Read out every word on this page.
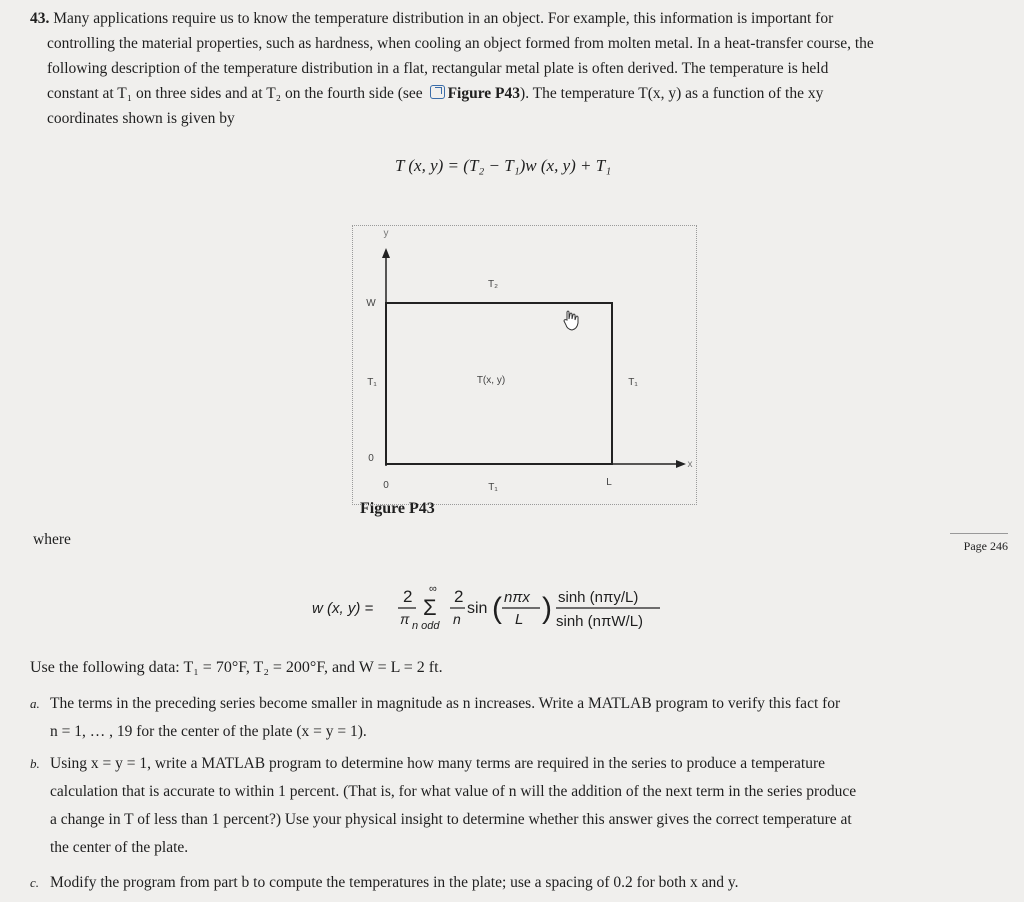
43. Many applications require us to know the temperature distribution in an object. For example, this information is important for
controlling the material properties, such as hardness, when cooling an object formed from molten metal. In a heat-transfer course, the
following description of the temperature distribution in a flat, rectangular metal plate is often derived. The temperature is held
constant at T₁ on three sides and at T₂ on the fourth side (see Figure P43). The temperature T(x, y) as a function of the xy
coordinates shown is given by
T (x, y) = (T₂ − T₁)w (x, y) + T₁
y
x
W
0
0	L
T₂
T₁
T₁	T₁
T(x, y)
Figure P43
where	Page 246
w (x, y) =
2
π
∞
Σ
n odd
2
n
sin ( nπx
L ) sinh (nπy/L)
sinh (nπW/L)
Use the following data: T₁ = 70°F, T₂ = 200°F, and W = L = 2 ft.
a. The terms in the preceding series become smaller in magnitude as n increases. Write a MATLAB program to verify this fact for
n = 1, … , 19 for the center of the plate (x = y = 1).
b. Using x = y = 1, write a MATLAB program to determine how many terms are required in the series to produce a temperature
calculation that is accurate to within 1 percent. (That is, for what value of n will the addition of the next term in the series produce
a change in T of less than 1 percent?) Use your physical insight to determine whether this answer gives the correct temperature at
the center of the plate.
c. Modify the program from part b to compute the temperatures in the plate; use a spacing of 0.2 for both x and y.
